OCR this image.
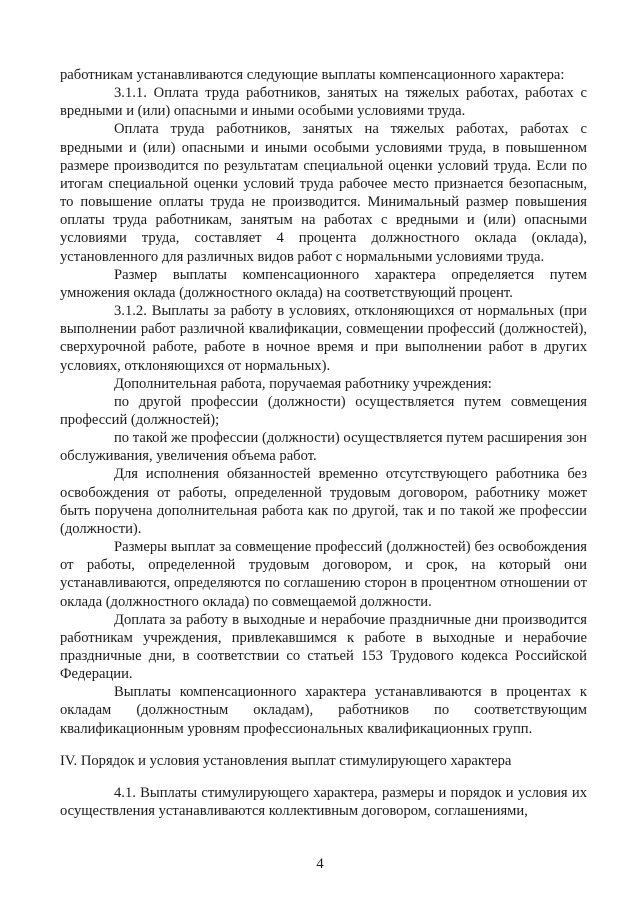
работникам устанавливаются следующие выплаты компенсационного характера:

3.1.1. Оплата труда работников, занятых на тяжелых работах, работах с вредными и (или) опасными и иными особыми условиями труда.

Оплата труда работников, занятых на тяжелых работах, работах с вредными и (или) опасными и иными особыми условиями труда, в повышенном размере производится по результатам специальной оценки условий труда. Если по итогам специальной оценки условий труда рабочее место признается безопасным, то повышение оплаты труда не производится. Минимальный размер повышения оплаты труда работникам, занятым на работах с вредными и (или) опасными условиями труда, составляет 4 процента должностного оклада (оклада), установленного для различных видов работ с нормальными условиями труда.

Размер выплаты компенсационного характера определяется путем умножения оклада (должностного оклада) на соответствующий процент.

3.1.2. Выплаты за работу в условиях, отклоняющихся от нормальных (при выполнении работ различной квалификации, совмещении профессий (должностей), сверхурочной работе, работе в ночное время и при выполнении работ в других условиях, отклоняющихся от нормальных).

Дополнительная работа, поручаемая работнику учреждения:

по другой профессии (должности) осуществляется путем совмещения профессий (должностей);

по такой же профессии (должности) осуществляется путем расширения зон обслуживания, увеличения объема работ.

Для исполнения обязанностей временно отсутствующего работника без освобождения от работы, определенной трудовым договором, работнику может быть поручена дополнительная работа как по другой, так и по такой же профессии (должности).

Размеры выплат за совмещение профессий (должностей) без освобождения от работы, определенной трудовым договором, и срок, на который они устанавливаются, определяются по соглашению сторон в процентном отношении от оклада (должностного оклада) по совмещаемой должности.

Доплата за работу в выходные и нерабочие праздничные дни производится работникам учреждения, привлекавшимся к работе в выходные и нерабочие праздничные дни, в соответствии со статьей 153 Трудового кодекса Российской Федерации.

Выплаты компенсационного характера устанавливаются в процентах к окладам (должностным окладам), работников по соответствующим квалификационным уровням профессиональных квалификационных групп.

IV. Порядок и условия установления выплат стимулирующего характера

4.1. Выплаты стимулирующего характера, размеры и порядок и условия их осуществления устанавливаются коллективным договором, соглашениями,

4
